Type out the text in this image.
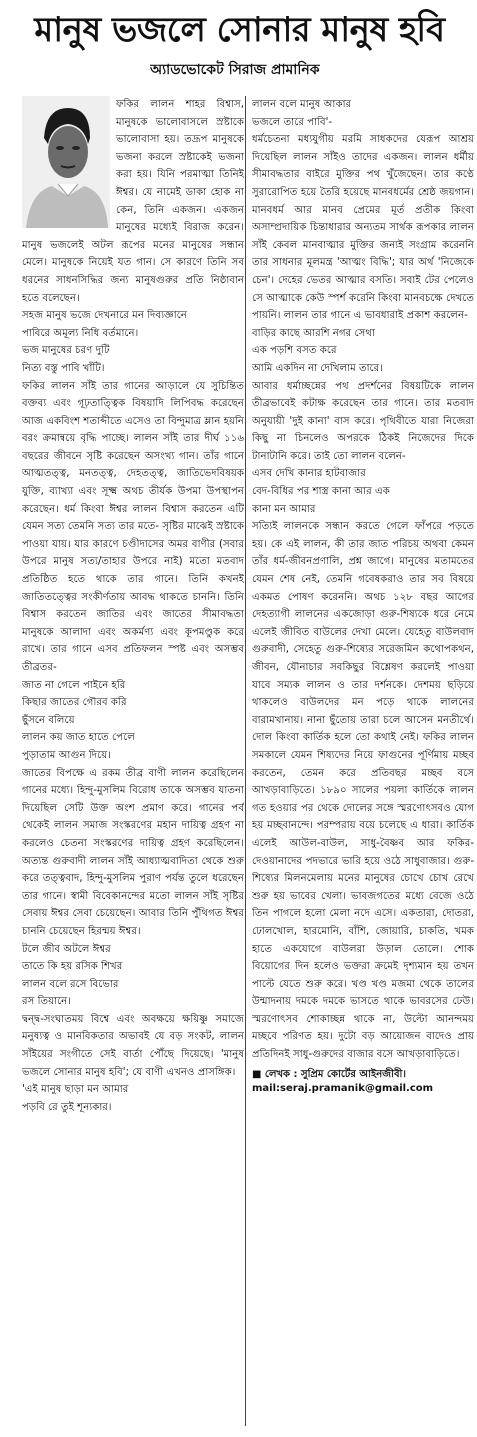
মানুষ ভজলে সোনার মানুষ হবি
অ্যাডভোকেট সিরাজ প্রামানিক

ফকির লালন শাহর বিশ্বাস, মানুষকে ভালোবাসলে স্রষ্টাকে ভালোবাসা হয়। তদ্রূপ মানুষকে ভজনা করলে স্রষ্টাকেই ভজনা করা হয়। যিনি পরমাত্মা তিনিই ঈশ্বর। যে নামেই ডাকা হোক না কেন, তিনি একজন। একজন মানুষের মধ্যেই বিরাজ করেন। মানুষ ভজলেই অটল রূপের মনের মানুষের সন্ধান মেলে। মানুষকে নিয়েই যত গান। সে কারণে তিনি সব ধরনের সাধনসিদ্ধির জন্য মানুষগুরুর প্রতি নিষ্ঠাবান হতে বলেছেন।

সহজ মানুষ ভজে দেখনারে মন দিব্যজ্ঞানে
পাবিরে অমূল্য নিধি বর্তমানে।
ভজ মানুষের চরণ দুটি
নিত্য বস্তু পাবি খাঁটি।

ফকির লালন সাঁই তার গানের আড়ালে যে সুচিন্তিত বক্তব্য এবং গূঢ়তাত্ত্বিক বিষয়াদি লিপিবদ্ধ করেছেন আজ একবিংশ শতাব্দীতে এসেও তা বিন্দুমাত্র ম্লান হয়নি বরং ক্রমান্বয়ে বৃদ্ধি পাচ্ছে। লালন সাঁই তার দীর্ঘ ১১৬ বছরের জীবনে সৃষ্টি করেছেন অসংখ্য গান। তাঁর গানে আত্মতত্ত্ব, মনতত্ত্ব, দেহতত্ত্ব, জাতিভেদবিষয়ক যুক্তি, ব্যাখ্যা এবং সূক্ষ্ম অথচ তীর্যক উপমা উপস্থাপন করেছেন। ধর্ম কিংবা ঈশ্বর লালন বিশ্বাস করতেন এটি যেমন সত্য তেমনি সত্য তার মতে- সৃষ্টির মাঝেই স্রষ্টাকে পাওয়া যায়। যার কারণে চণ্ডীদাসের অমর বাণীর (সবার উপরে মানুষ সত্য/তাহার উপরে নাই) মতো মতবাদ প্রতিষ্ঠিত হতে থাকে তার গানে। তিনি কখনই জাতিতত্ত্বের সংকীর্ণতায় আবদ্ধ থাকতে চাননি। তিনি বিশ্বাস করতেন জাতির এবং জাতের সীমাবদ্ধতা মানুষকে আলাদা এবং অকর্মণ্য এবং কূপমণ্ডুক করে রাখে। তার গানে এসব প্রতিফলন স্পষ্ট এবং অসম্ভব তীব্রতর-

জাত না গেলে পাইনে হরি
কিছার জাতের গৌরব করি
ছুঁসনে বলিয়ে
লালন কয় জাত হাতে পেলে
পুড়াতাম আগুন দিয়ে।

জাতের বিপক্ষে এ রকম তীব্র বাণী লালন করেছিলেন গানের মধ্যে। হিন্দু-মুসলিম বিরোধ তাকে অসম্ভব যাতনা দিয়েছিল সেটি উক্ত অংশ প্রমাণ করে। গানের পর্ব থেকেই লালন সমাজ সংস্করণের মহান দায়িত্ব গ্রহণ না করলেও চেতনা সংস্করণের দায়িত্ব গ্রহণ করেছিলেন। অত্যন্ত গুরুবাদী লালন সাঁই আধ্যাত্মবাদিতা থেকে শুরু করে তত্ত্ববাদ, হিন্দু-মুসলিম পুরাণ পর্যন্ত তুলে ধরেছেন তার গানে। স্বামী বিবেকানন্দের মতো লালন সাঁই সৃষ্টির সেবায় ঈশ্বর সেবা চেয়েছেন। আবার তিনি পুঁথিগত ঈশ্বর চাননি চেয়েছেন হিরন্ময় ঈশ্বর।

টলে জীব অটলে ঈশ্বর
তাতে কি হয় রসিক শিখর
লালন বলে রসে বিভোর
রস তিয়ানে।

দ্বন্দ্ব-সংঘাতময় বিশ্বে এবং অবক্ষয়ে ক্ষয়িষ্ণু সমাজে মনুষ্যত্ব ও মানবিকতার অভাবই যে বড় সংকট, লালন সাঁইয়ের সংগীতে সেই বার্তা পৌঁছে দিয়েছে। 'মানুষ ভজলে সোনার মানুষ হবি'; যে বাণী এখনও প্রাসঙ্গিক।

'এই মানুষ ছাড়া মন আমার
পড়বি রে তুই শূন্যকার।
লালন বলে মানুষ আকার
ভজলে তারে পাবি'-

ধর্মচেতনা মধ্যযুগীয় মরমি সাধকদের যেরূপ আশ্রয় দিয়েছিল লালন সাঁইও তাদের একজন। লালন ধর্মীয় সীমাবদ্ধতার বাইরে মুক্তির পথ খুঁজেছেন। তার কণ্ঠে সুরারোপিত হয়ে তৈরি হয়েছে মানবধর্মের শ্রেষ্ঠ জয়গান। মানবধর্ম আর মানব প্রেমের মূর্ত প্রতীক কিংবা অসাম্প্রদায়িক চিন্তাধারার অন্যতম সার্থক রূপকার লালন সাঁই কেবল মানবাত্মার মুক্তির জন্যই সংগ্রাম করেননি তার সাধনার মূলমন্ত্র 'আত্মং বিদ্ধি'; যার অর্থ 'নিজেকে চেন'। দেহের ভেতর আত্মার বসতি। সবাই টের পেলেও সে আত্মাকে কেউ স্পর্শ করেনি কিংবা মানবচক্ষে দেখতে পায়নি। লালন তার গানে এ ভাবধারাই প্রকাশ করলেন-

বাড়ির কাছে আরশি নগর সেথা
এক পড়শি বসত করে
আমি একদিন না দেখিলাম তারে।

আবার ধর্মাচ্ছন্নের পথ প্রদর্শনের বিষয়টিকে লালন তীব্রভাবেই কটাক্ষ করেছেন তার গানে। তার মতবাদ অনুযায়ী 'দুই কানা' বাস করে। পৃথিবীতে যারা নিজেরা কিছু না চিনলেও অপরকে ঠিকই নিজেদের দিকে টানাটানি করে। তাই তো লালন বলেন-

এসব দেখি কানার হাটবাজার
বেদ-বিধির পর শাস্ত্র কানা আর এক
কানা মন আমার

সত্যিই লালনকে সন্ধান করতে গেলে ফাঁপরে পড়তে হয়। কে এই লালন, কী তার জাত পরিচয় অথবা কেমন তাঁর ধর্ম-জীবনপ্রণালি, প্রশ্ন জাগে। মানুষের মতামতের যেমন শেষ নেই, তেমনি গবেষকরাও তার সব বিষয়ে একমত পোষণ করেননি। অথচ ১২৮ বছর আগের দেহত্যাগী লালনের একজোড়া গুরু-শিষ্যকে ধরে নেমে এলেই জীবিত বাউলের দেখা মেলে। যেহেতু বাউলবাদ গুরুবাদী, সেহেতু গুরু-শিষ্যের সরেজমিন কথোপকথন, জীবন, যৌনাচার সবকিছুর বিশ্লেষণ করলেই পাওয়া যাবে সম্যক লালন ও তার দর্শনকে। দেশময় ছড়িয়ে থাকলেও বাউলদের মন পড়ে থাকে লালনের বারামখানায়। নানা ছুঁতোয় তারা চলে আসেন মনতীর্থে। দোল কিংবা কার্তিক হলে তো কথাই নেই। ফকির লালন সমকালে যেমন শিষ্যদের নিয়ে ফাগুনের পূর্ণিমায় মচ্ছব করতেন, তেমন করে প্রতিবছর মচ্ছব বসে আখড়াবাড়িতে। ১৮৯০ সালের পয়লা কার্তিকে লালন গত হওয়ার পর থেকে দোলের সঙ্গে স্মরণোৎসবও যোগ হয় মচ্ছবানন্দে। পরম্পরায় বয়ে চলেছে এ ধারা। কার্তিক এলেই আউল-বাউল, সাধু-বৈষ্ণব আর ফকির-দেওয়ানাদের পদভারে ভারি হয়ে ওঠে সাধুবাজার। গুরু-শিষ্যের মিলনমেলায় মনের মানুষের চোখে চোখ রেখে শুরু হয় ভাবের খেলা। ভাবজগতের মধ্যে বেজে ওঠে তিন পাগলে হলো মেলা নদে এসে। একতারা, দোতরা, ঢোলখোল, হারমোনি, বাঁশি, জোয়ারি, চাকতি, খমক হাতে একযোগে বাউলরা উড়াল তোলে। শোক বিয়োগের দিন হলেও ভক্তরা ক্রমেই দৃশ্যমান হয় তখন পাল্টে যেতে শুরু করে। খণ্ড খণ্ড মজমা থেকে তালের উন্মাদনায় দমকে দমকে ভাসতে থাকে ভাবরসের ঢেউ। স্মরণোৎসব শোকাচ্ছন্ন থাকে না, উল্টো আনন্দময় মচ্ছবে পরিণত হয়। দুটো বড় আয়োজন বাদেও প্রায় প্রতিদিনই সাধু-গুরুদের বাজার বসে আখড়াবাড়িতে।

■ লেখক : সুপ্রিম কোর্টের আইনজীবী।
mail:seraj.pramanik@gmail.com
